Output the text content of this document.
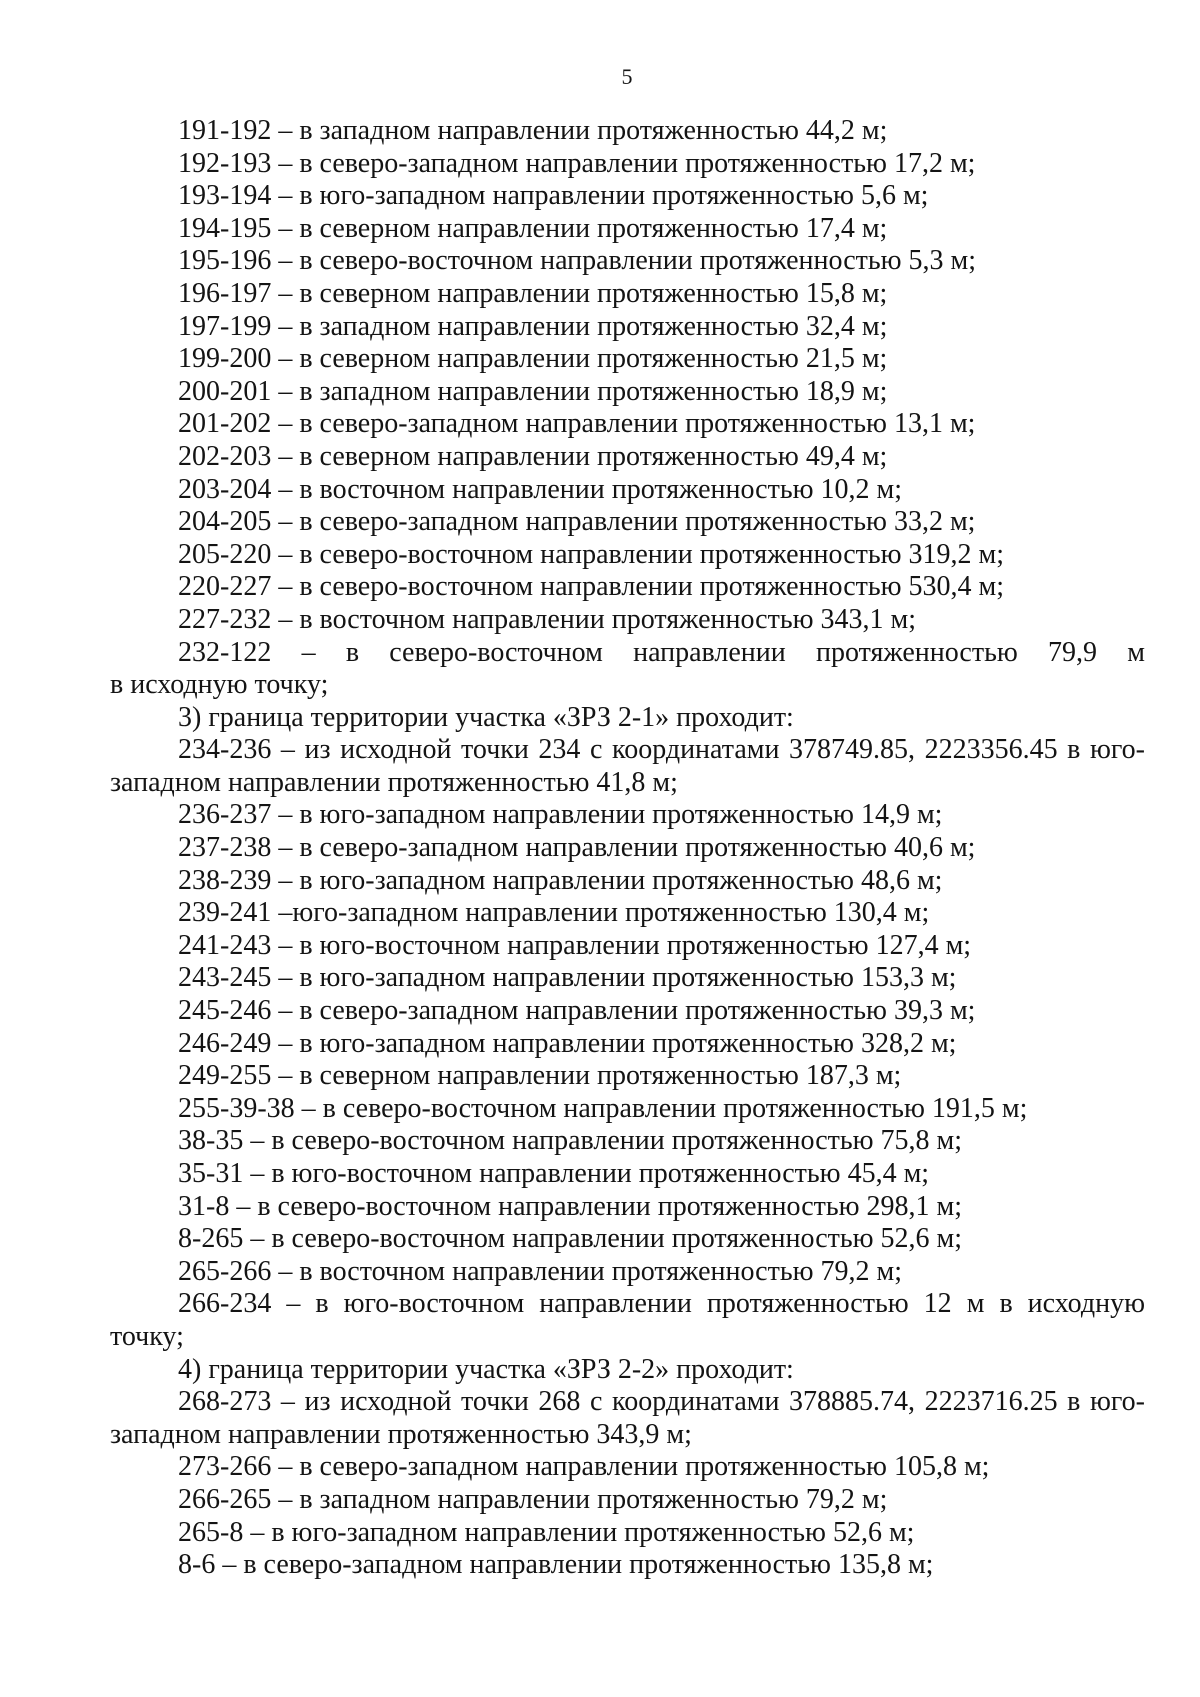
5

191-192 – в западном направлении протяженностью 44,2 м;

192-193 – в северо-западном направлении протяженностью 17,2 м;

193-194 – в юго-западном направлении протяженностью 5,6 м;

194-195 – в северном направлении протяженностью 17,4 м;

195-196 – в северо-восточном направлении протяженностью 5,3 м;

196-197 – в северном направлении протяженностью 15,8 м;

197-199 – в западном направлении протяженностью 32,4 м;

199-200 – в северном направлении протяженностью 21,5 м;

200-201 – в западном направлении протяженностью 18,9 м;

201-202 – в северо-западном направлении протяженностью 13,1 м;

202-203 – в северном направлении протяженностью 49,4 м;

203-204 – в восточном направлении протяженностью 10,2 м;

204-205 – в северо-западном направлении протяженностью 33,2 м;

205-220 – в северо-восточном направлении протяженностью 319,2 м;

220-227 – в северо-восточном направлении протяженностью 530,4 м;

227-232 – в восточном направлении протяженностью 343,1 м;

232-122 – в северо-восточном направлении протяженностью 79,9 м

в исходную точку;

3) граница территории участка «ЗРЗ 2-1» проходит:

234-236 – из исходной точки 234 с координатами 378749.85, 2223356.45 в юго-

западном направлении протяженностью 41,8 м;

236-237 – в юго-западном направлении протяженностью 14,9 м;

237-238 – в северо-западном направлении протяженностью 40,6 м;

238-239 – в юго-западном направлении протяженностью 48,6 м;

239-241 –юго-западном направлении протяженностью 130,4 м;

241-243 – в юго-восточном направлении протяженностью 127,4 м;

243-245 – в юго-западном направлении протяженностью 153,3 м;

245-246 – в северо-западном направлении протяженностью 39,3 м;

246-249 – в юго-западном направлении протяженностью 328,2 м;

249-255 – в северном направлении протяженностью 187,3 м;

255-39-38 – в северо-восточном направлении протяженностью 191,5 м;

38-35 – в северо-восточном направлении протяженностью 75,8 м;

35-31 – в юго-восточном направлении протяженностью 45,4 м;

31-8 – в северо-восточном направлении протяженностью 298,1 м;

8-265 – в северо-восточном направлении протяженностью 52,6 м;

265-266 – в восточном направлении протяженностью 79,2 м;

266-234 – в юго-восточном направлении протяженностью 12 м в исходную

точку;

4) граница территории участка «ЗРЗ 2-2» проходит:

268-273 – из исходной точки 268 с координатами 378885.74, 2223716.25 в юго-

западном направлении протяженностью 343,9 м;

273-266 – в северо-западном направлении протяженностью 105,8 м;

266-265 – в западном направлении протяженностью 79,2 м;

265-8 – в юго-западном направлении протяженностью 52,6 м;

8-6 – в северо-западном направлении протяженностью 135,8 м;
